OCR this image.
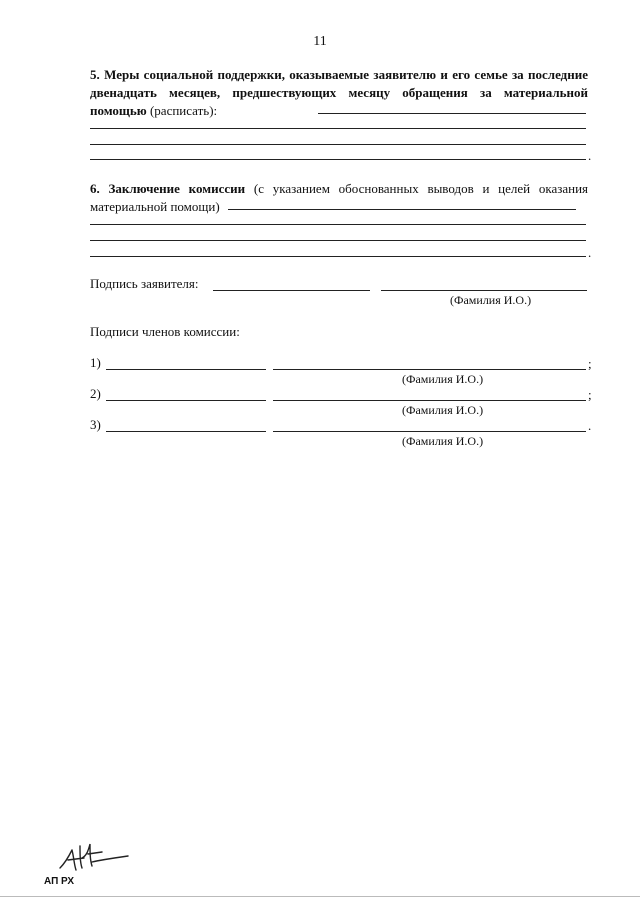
11
5. Меры социальной поддержки, оказываемые заявителю и его семье за последние двенадцать месяцев, предшествующих месяцу обращения за материальной помощью (расписать):
.
6. Заключение комиссии (с указанием обоснованных выводов и целей оказания материальной помощи)
.
Подпись заявителя:
(Фамилия И.О.)
Подписи членов комиссии:
1)	;
(Фамилия И.О.)
2)	;
(Фамилия И.О.)
3)	.
(Фамилия И.О.)
АП РХ
